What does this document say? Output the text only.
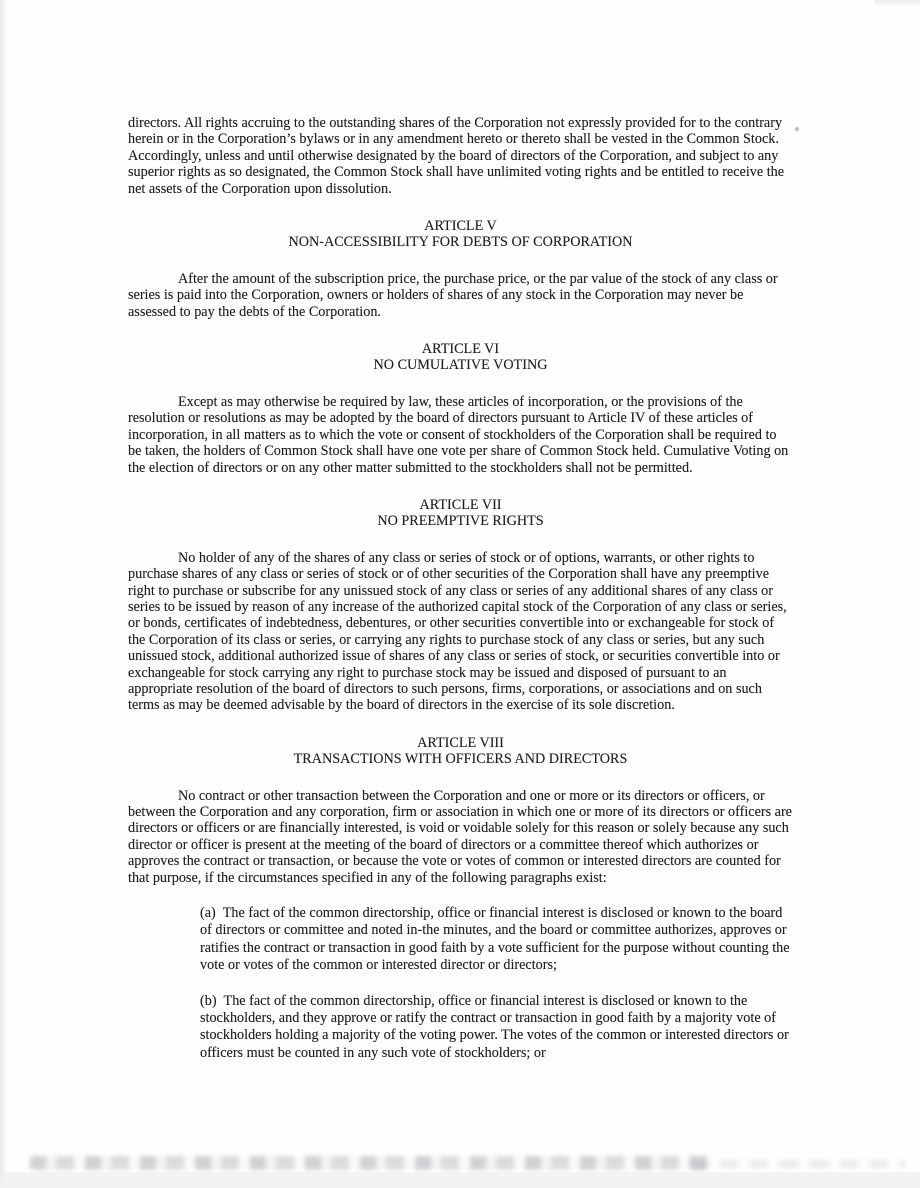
directors. All rights accruing to the outstanding shares of the Corporation not expressly provided for to the contrary herein or in the Corporation’s bylaws or in any amendment hereto or thereto shall be vested in the Common Stock. Accordingly, unless and until otherwise designated by the board of directors of the Corporation, and subject to any superior rights as so designated, the Common Stock shall have unlimited voting rights and be entitled to receive the net assets of the Corporation upon dissolution.

ARTICLE V
NON-ACCESSIBILITY FOR DEBTS OF CORPORATION

After the amount of the subscription price, the purchase price, or the par value of the stock of any class or series is paid into the Corporation, owners or holders of shares of any stock in the Corporation may never be assessed to pay the debts of the Corporation.

ARTICLE VI
NO CUMULATIVE VOTING

Except as may otherwise be required by law, these articles of incorporation, or the provisions of the resolution or resolutions as may be adopted by the board of directors pursuant to Article IV of these articles of incorporation, in all matters as to which the vote or consent of stockholders of the Corporation shall be required to be taken, the holders of Common Stock shall have one vote per share of Common Stock held. Cumulative Voting on the election of directors or on any other matter submitted to the stockholders shall not be permitted.

ARTICLE VII
NO PREEMPTIVE RIGHTS

No holder of any of the shares of any class or series of stock or of options, warrants, or other rights to purchase shares of any class or series of stock or of other securities of the Corporation shall have any preemptive right to purchase or subscribe for any unissued stock of any class or series of any additional shares of any class or series to be issued by reason of any increase of the authorized capital stock of the Corporation of any class or series, or bonds, certificates of indebtedness, debentures, or other securities convertible into or exchangeable for stock of the Corporation of its class or series, or carrying any rights to purchase stock of any class or series, but any such unissued stock, additional authorized issue of shares of any class or series of stock, or securities convertible into or exchangeable for stock carrying any right to purchase stock may be issued and disposed of pursuant to an appropriate resolution of the board of directors to such persons, firms, corporations, or associations and on such terms as may be deemed advisable by the board of directors in the exercise of its sole discretion.

ARTICLE VIII
TRANSACTIONS WITH OFFICERS AND DIRECTORS

No contract or other transaction between the Corporation and one or more or its directors or officers, or between the Corporation and any corporation, firm or association in which one or more of its directors or officers are directors or officers or are financially interested, is void or voidable solely for this reason or solely because any such director or officer is present at the meeting of the board of directors or a committee thereof which authorizes or approves the contract or transaction, or because the vote or votes of common or interested directors are counted for that purpose, if the circumstances specified in any of the following paragraphs exist:

(a) The fact of the common directorship, office or financial interest is disclosed or known to the board of directors or committee and noted in-the minutes, and the board or committee authorizes, approves or ratifies the contract or transaction in good faith by a vote sufficient for the purpose without counting the vote or votes of the common or interested director or directors;
(b) The fact of the common directorship, office or financial interest is disclosed or known to the stockholders, and they approve or ratify the contract or transaction in good faith by a majority vote of stockholders holding a majority of the voting power. The votes of the common or interested directors or officers must be counted in any such vote of stockholders; or
